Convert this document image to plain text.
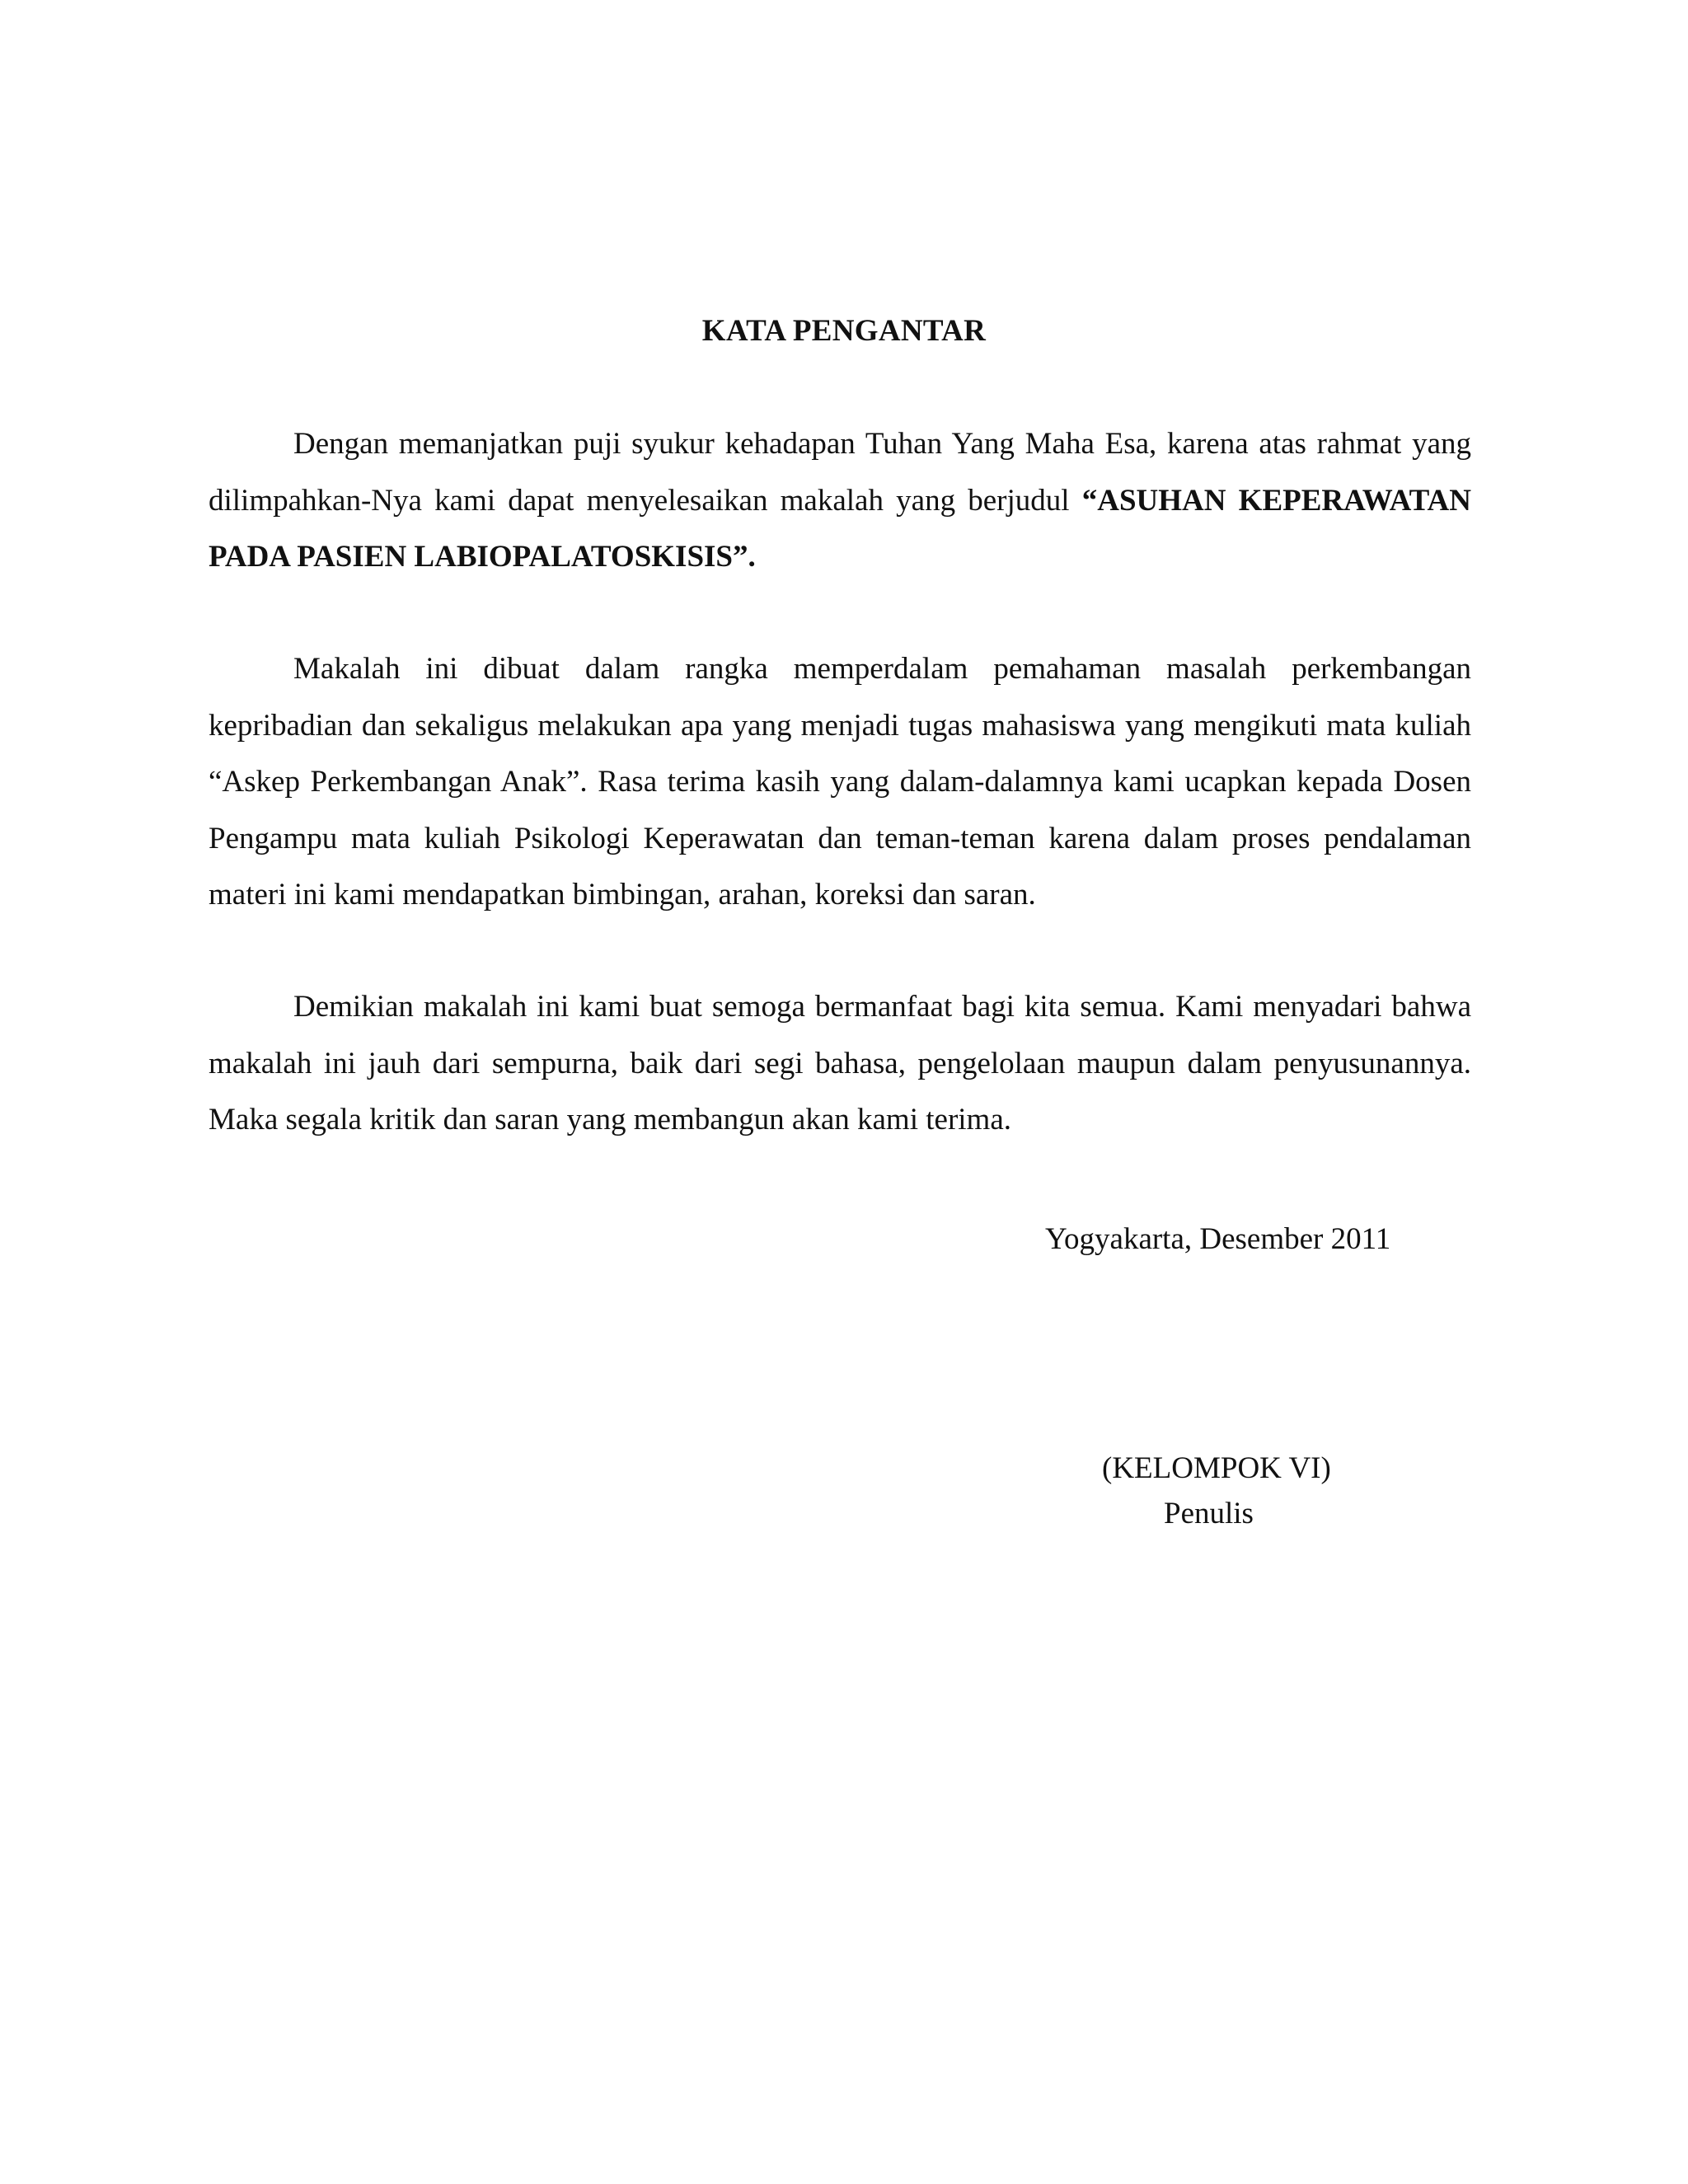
KATA PENGANTAR

Dengan memanjatkan puji syukur kehadapan Tuhan Yang Maha Esa, karena atas rahmat yang dilimpahkan-Nya kami dapat menyelesaikan makalah yang berjudul “ASUHAN KEPERAWATAN PADA PASIEN LABIOPALATOSKISIS”.

Makalah ini dibuat dalam rangka memperdalam pemahaman masalah perkembangan kepribadian dan sekaligus melakukan apa yang menjadi tugas mahasiswa yang mengikuti mata kuliah “Askep Perkembangan Anak”. Rasa terima kasih yang dalam-dalamnya kami ucapkan kepada Dosen Pengampu mata kuliah Psikologi Keperawatan dan teman-teman karena dalam proses pendalaman materi ini kami mendapatkan bimbingan, arahan, koreksi dan saran.

Demikian makalah ini kami buat semoga bermanfaat bagi kita semua. Kami menyadari bahwa makalah ini jauh dari sempurna, baik dari segi bahasa, pengelolaan maupun dalam penyusunannya. Maka segala kritik dan saran yang membangun akan kami terima.

Yogyakarta, Desember 2011
(KELOMPOK VI)
Penulis
